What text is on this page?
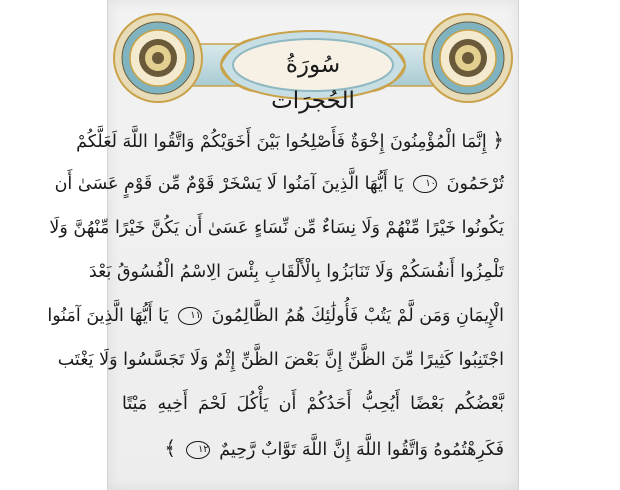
سُورَةُ الحُجرَات
﴿ إِنَّمَا الْمُؤْمِنُونَ إِخْوَةٌ فَأَصْلِحُوا بَيْنَ أَخَوَيْكُمْ وَاتَّقُوا اللَّهَ لَعَلَّكُمْ
تُرْحَمُونَ ١٠ يَا أَيُّهَا الَّذِينَ آمَنُوا لَا يَسْخَرْ قَوْمٌ مِّن قَوْمٍ عَسَىٰ أَن
يَكُونُوا خَيْرًا مِّنْهُمْ وَلَا نِسَاءٌ مِّن نِّسَاءٍ عَسَىٰ أَن يَكُنَّ خَيْرًا مِّنْهُنَّ وَلَا
تَلْمِزُوا أَنفُسَكُمْ وَلَا تَنَابَزُوا بِالْأَلْقَابِ بِئْسَ الِاسْمُ الْفُسُوقُ بَعْدَ
الْإِيمَانِ وَمَن لَّمْ يَتُبْ فَأُولَٰئِكَ هُمُ الظَّالِمُونَ ١١ يَا أَيُّهَا الَّذِينَ آمَنُوا
اجْتَنِبُوا كَثِيرًا مِّنَ الظَّنِّ إِنَّ بَعْضَ الظَّنِّ إِثْمٌ وَلَا تَجَسَّسُوا وَلَا يَغْتَب
بَّعْضُكُم بَعْضًا أَيُحِبُّ أَحَدُكُمْ أَن يَأْكُلَ لَحْمَ أَخِيهِ مَيْتًا
فَكَرِهْتُمُوهُ وَاتَّقُوا اللَّهَ إِنَّ اللَّهَ تَوَّابٌ رَّحِيمٌ ١٢ ﴾
